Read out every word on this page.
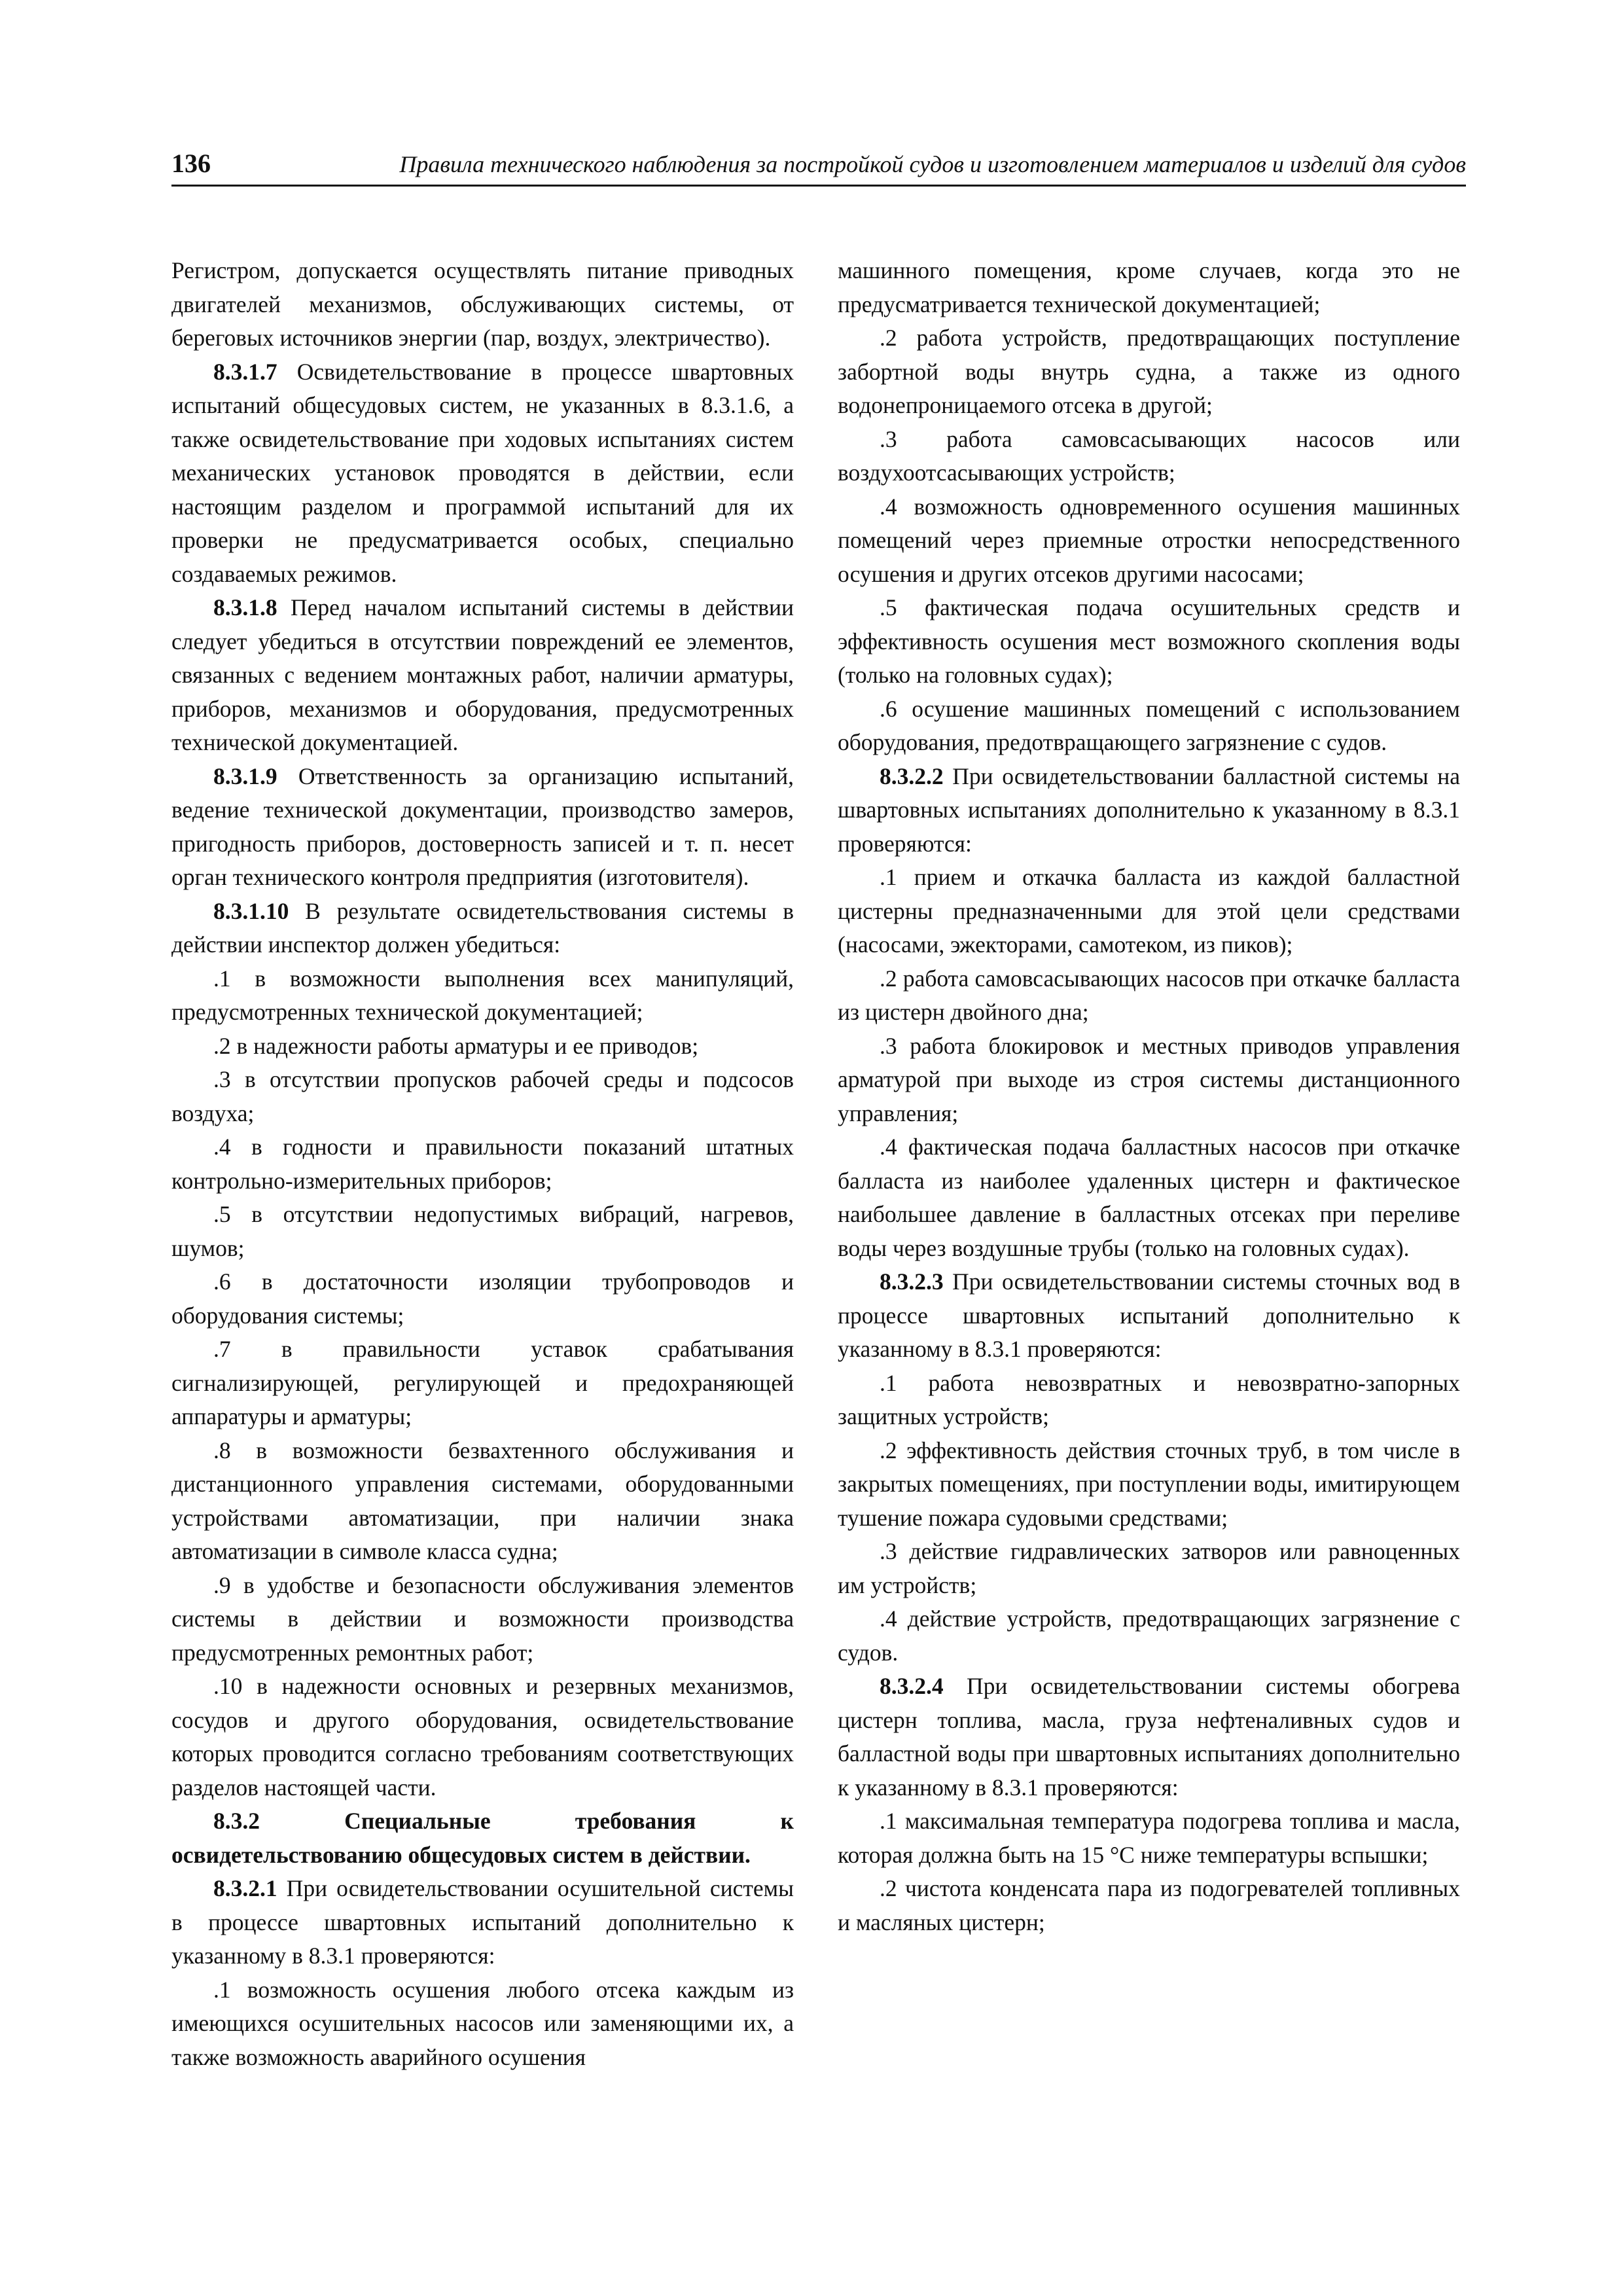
136	Правила технического наблюдения за постройкой судов и изготовлением материалов и изделий для судов

Регистром, допускается осуществлять питание приводных двигателей механизмов, обслуживающих системы, от береговых источников энергии (пар, воздух, электричество).

8.3.1.7 Освидетельствование в процессе швартовных испытаний общесудовых систем, не указанных в 8.3.1.6, а также освидетельствование при ходовых испытаниях систем механических установок проводятся в действии, если настоящим разделом и программой испытаний для их проверки не предусматривается особых, специально создаваемых режимов.

8.3.1.8 Перед началом испытаний системы в действии следует убедиться в отсутствии повреждений ее элементов, связанных с ведением монтажных работ, наличии арматуры, приборов, механизмов и оборудования, предусмотренных технической документацией.

8.3.1.9 Ответственность за организацию испытаний, ведение технической документации, производство замеров, пригодность приборов, достоверность записей и т. п. несет орган технического контроля предприятия (изготовителя).

8.3.1.10 В результате освидетельствования системы в действии инспектор должен убедиться:

.1 в возможности выполнения всех манипуляций, предусмотренных технической документацией;

.2 в надежности работы арматуры и ее приводов;

.3 в отсутствии пропусков рабочей среды и подсосов воздуха;

.4 в годности и правильности показаний штатных контрольно-измерительных приборов;

.5 в отсутствии недопустимых вибраций, нагревов, шумов;

.6 в достаточности изоляции трубопроводов и оборудования системы;

.7 в правильности уставок срабатывания сигнализирующей, регулирующей и предохраняющей аппаратуры и арматуры;

.8 в возможности безвахтенного обслуживания и дистанционного управления системами, оборудованными устройствами автоматизации, при наличии знака автоматизации в символе класса судна;

.9 в удобстве и безопасности обслуживания элементов системы в действии и возможности производства предусмотренных ремонтных работ;

.10 в надежности основных и резервных механизмов, сосудов и другого оборудования, освидетельствование которых проводится согласно требованиям соответствующих разделов настоящей части.

8.3.2 Специальные требования к освидетельствованию общесудовых систем в действии.

8.3.2.1 При освидетельствовании осушительной системы в процессе швартовных испытаний дополнительно к указанному в 8.3.1 проверяются:

.1 возможность осушения любого отсека каждым из имеющихся осушительных насосов или заменяющими их, а также возможность аварийного осушения

машинного помещения, кроме случаев, когда это не предусматривается технической документацией;

.2 работа устройств, предотвращающих поступление забортной воды внутрь судна, а также из одного водонепроницаемого отсека в другой;

.3 работа самовсасывающих насосов или воздухоотсасывающих устройств;

.4 возможность одновременного осушения машинных помещений через приемные отростки непосредственного осушения и других отсеков другими насосами;

.5 фактическая подача осушительных средств и эффективность осушения мест возможного скопления воды (только на головных судах);

.6 осушение машинных помещений с использованием оборудования, предотвращающего загрязнение с судов.

8.3.2.2 При освидетельствовании балластной системы на швартовных испытаниях дополнительно к указанному в 8.3.1 проверяются:

.1 прием и откачка балласта из каждой балластной цистерны предназначенными для этой цели средствами (насосами, эжекторами, самотеком, из пиков);

.2 работа самовсасывающих насосов при откачке балласта из цистерн двойного дна;

.3 работа блокировок и местных приводов управления арматурой при выходе из строя системы дистанционного управления;

.4 фактическая подача балластных насосов при откачке балласта из наиболее удаленных цистерн и фактическое наибольшее давление в балластных отсеках при переливе воды через воздушные трубы (только на головных судах).

8.3.2.3 При освидетельствовании системы сточных вод в процессе швартовных испытаний дополнительно к указанному в 8.3.1 проверяются:

.1 работа невозвратных и невозвратно-запорных защитных устройств;

.2 эффективность действия сточных труб, в том числе в закрытых помещениях, при поступлении воды, имитирующем тушение пожара судовыми средствами;

.3 действие гидравлических затворов или равноценных им устройств;

.4 действие устройств, предотвращающих загрязнение с судов.

8.3.2.4 При освидетельствовании системы обогрева цистерн топлива, масла, груза нефтеналивных судов и балластной воды при швартовных испытаниях дополнительно к указанному в 8.3.1 проверяются:

.1 максимальная температура подогрева топлива и масла, которая должна быть на 15 °С ниже температуры вспышки;

.2 чистота конденсата пара из подогревателей топливных и масляных цистерн;
